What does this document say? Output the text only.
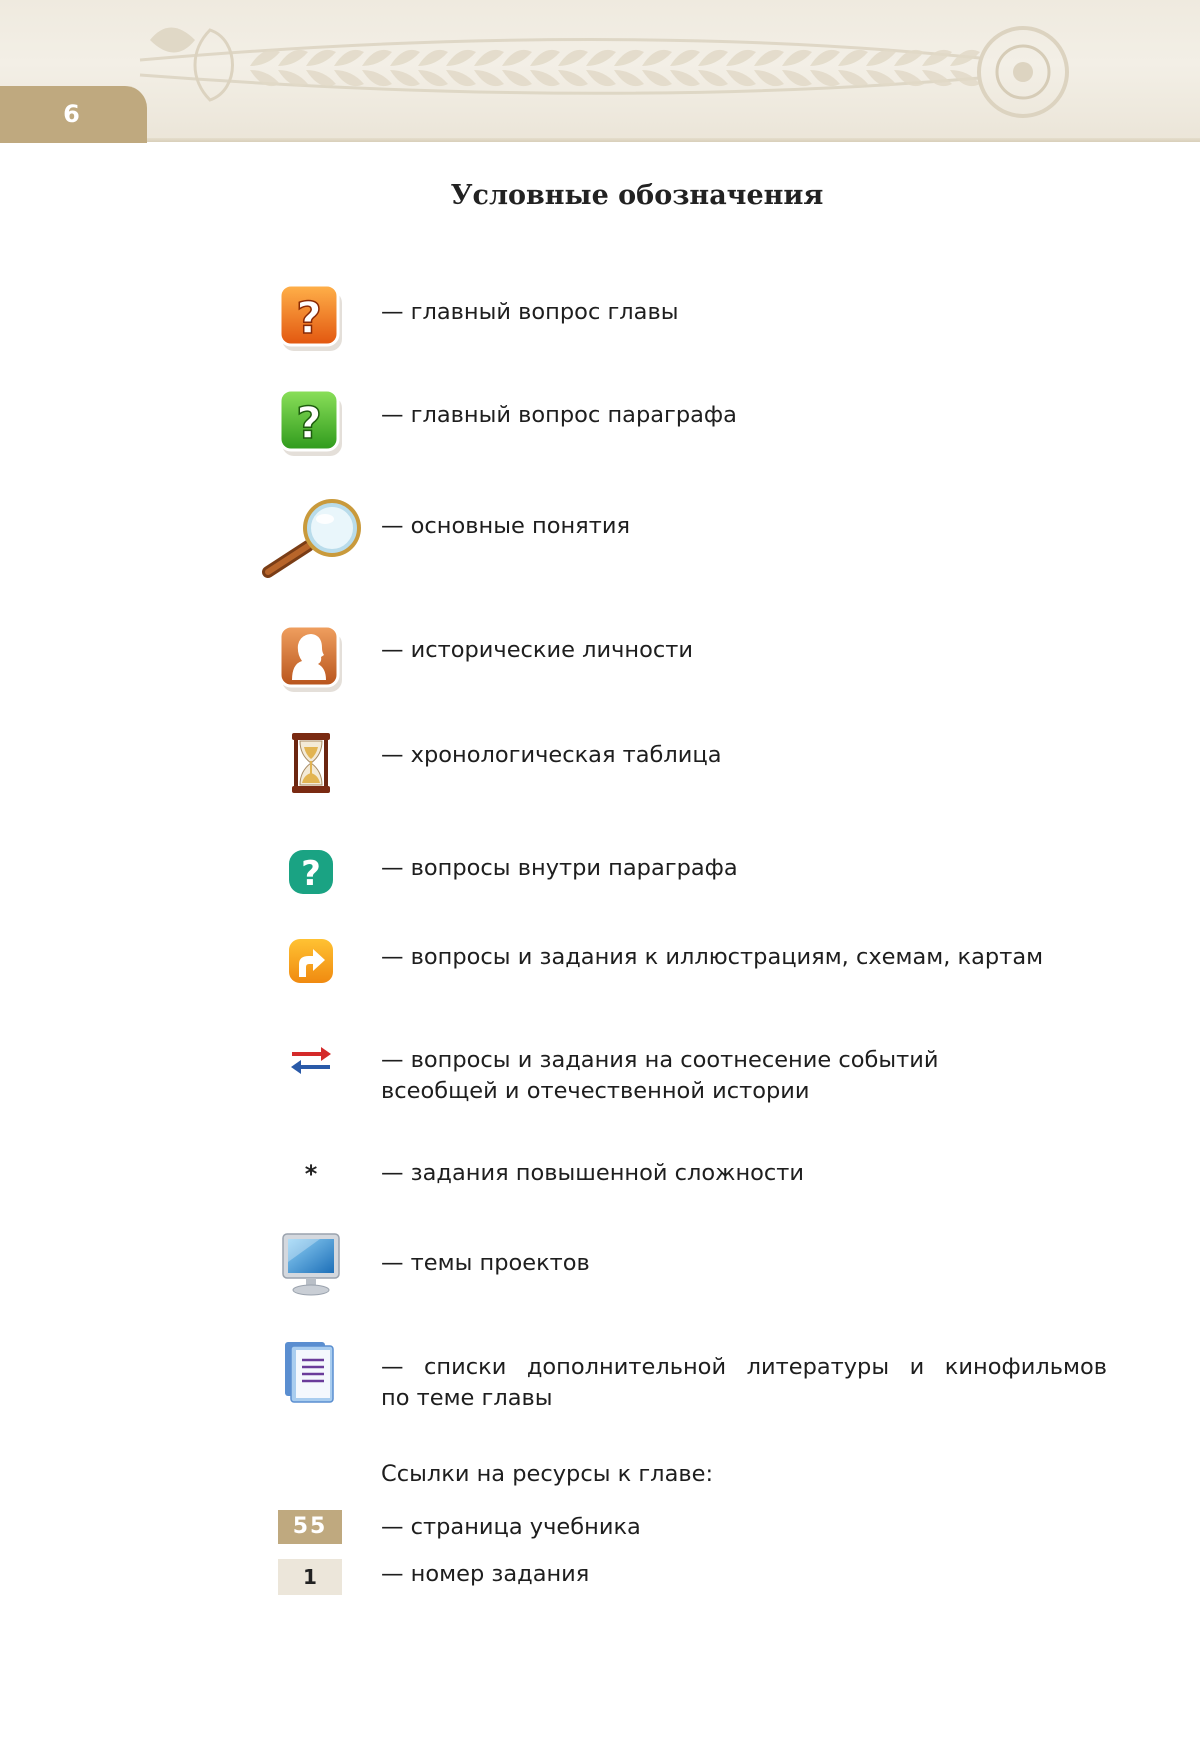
6
Условные обозначения
?	— главный вопрос главы
?	— главный вопрос параграфа
— основные понятия
— исторические личности
— хронологическая таблица
?	— вопросы внутри параграфа
— вопросы и задания к иллюстрациям, схемам, картам
— вопросы и задания на соотнесение событий
всеобщей и отечественной истории
*	— задания повышенной сложности
— темы проектов
— списки дополнительной литературы и кинофильмов
по теме главы
Ссылки на ресурсы к главе:
55	— страница учебника
1	— номер задания
